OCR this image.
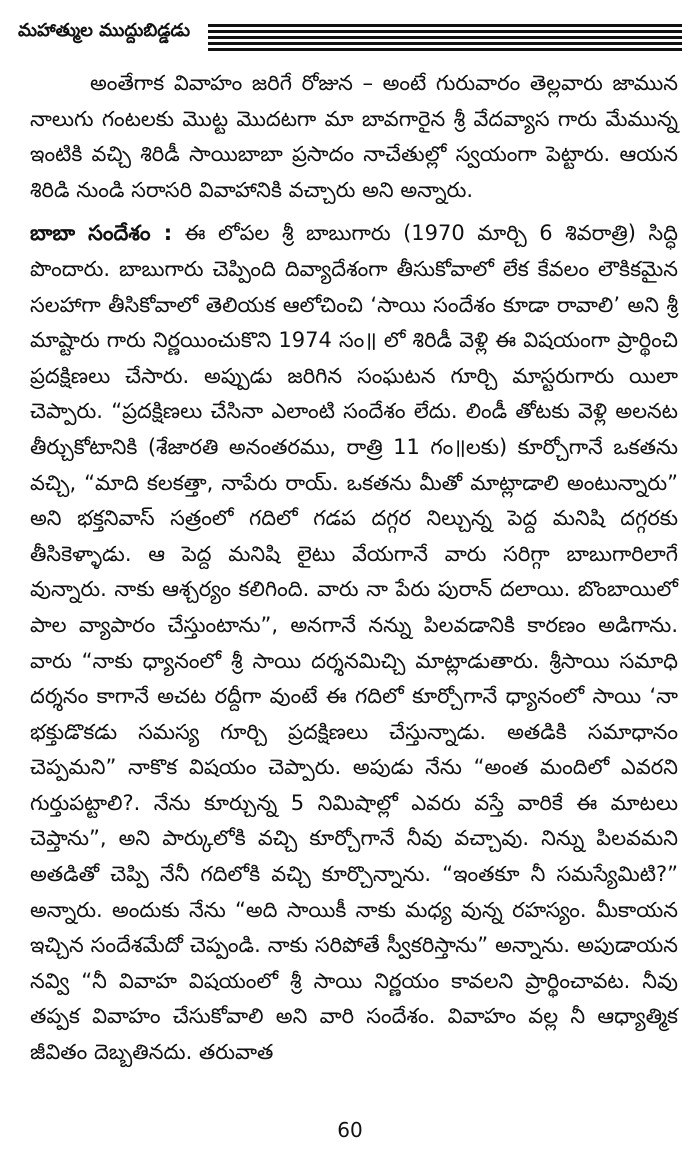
మహాత్ముల ముద్దుబిడ్డడు

అంతేగాక వివాహం జరిగే రోజున – అంటే గురువారం తెల్లవారు జామున నాలుగు గంటలకు మొట్ట మొదటగా మా బావగారైన శ్రీ వేదవ్యాస గారు మేమున్న ఇంటికి వచ్చి శిరిడీ సాయిబాబా ప్రసాదం నాచేతుల్లో స్వయంగా పెట్టారు. ఆయన శిరిడి నుండి సరాసరి వివాహానికి వచ్చారు అని అన్నారు.

బాబా సందేశం : ఈ లోపల శ్రీ బాబుగారు (1970 మార్చి 6 శివరాత్రి) సిద్ధి పొందారు. బాబుగారు చెప్పింది దివ్యాదేశంగా తీసుకోవాలో లేక కేవలం లౌకికమైన సలహాగా తీసికోవాలో తెలియక ఆలోచించి ‘సాయి సందేశం కూడా రావాలి’ అని శ్రీ మాష్టారు గారు నిర్ణయించుకొని 1974 సం॥ లో శిరిడీ వెళ్లి ఈ విషయంగా ప్రార్థించి ప్రదక్షిణలు చేసారు. అప్పుడు జరిగిన సంఘటన గూర్చి మాస్టరుగారు యిలా చెప్పారు. “ప్రదక్షిణలు చేసినా ఎలాంటి సందేశం లేదు. లిండీ తోటకు వెళ్లి అలనట తీర్చుకోటానికి (శేజారతి అనంతరము, రాత్రి 11 గం॥లకు) కూర్చోగానే ఒకతను వచ్చి, “మాది కలకత్తా, నాపేరు రాయ్. ఒకతను మీతో మాట్లాడాలి అంటున్నారు” అని భక్తనివాస్ సత్రంలో గదిలో గడప దగ్గర నిల్చున్న పెద్ద మనిషి దగ్గరకు తీసికెళ్ళాడు. ఆ పెద్ద మనిషి లైటు వేయగానే వారు సరిగ్గా బాబుగారిలాగే వున్నారు. నాకు ఆశ్చర్యం కలిగింది. వారు నా పేరు పురాన్ దలాయి. బొంబాయిలో పాల వ్యాపారం చేస్తుంటాను”, అనగానే నన్ను పిలవడానికి కారణం అడిగాను. వారు “నాకు ధ్యానంలో శ్రీ సాయి దర్శనమిచ్చి మాట్లాడుతారు. శ్రీసాయి సమాధి దర్శనం కాగానే అచట రద్దీగా వుంటే ఈ గదిలో కూర్చోగానే ధ్యానంలో సాయి ‘నా భక్తుడొకడు సమస్య గూర్చి ప్రదక్షిణలు చేస్తున్నాడు. అతడికి సమాధానం చెప్పమని” నాకొక విషయం చెప్పారు. అపుడు నేను “అంత మందిలో ఎవరని గుర్తుపట్టాలి?. నేను కూర్చున్న 5 నిమిషాల్లో ఎవరు వస్తే వారికే ఈ మాటలు చెప్తాను”, అని పార్కులోకి వచ్చి కూర్చోగానే నీవు వచ్చావు. నిన్ను పిలవమని అతడితో చెప్పి నేనీ గదిలోకి వచ్చి కూర్చొన్నాను. “ఇంతకూ నీ సమస్యేమిటి?” అన్నారు. అందుకు నేను “అది సాయికీ నాకు మధ్య వున్న రహస్యం. మీకాయన ఇచ్చిన సందేశమేదో చెప్పండి. నాకు సరిపోతే స్వీకరిస్తాను” అన్నాను. అపుడాయన నవ్వి “నీ వివాహ విషయంలో శ్రీ సాయి నిర్ణయం కావలని ప్రార్థించావట. నీవు తప్పక వివాహం చేసుకోవాలి అని వారి సందేశం. వివాహం వల్ల నీ ఆధ్యాత్మిక జీవితం దెబ్బతినదు. తరువాత

60
